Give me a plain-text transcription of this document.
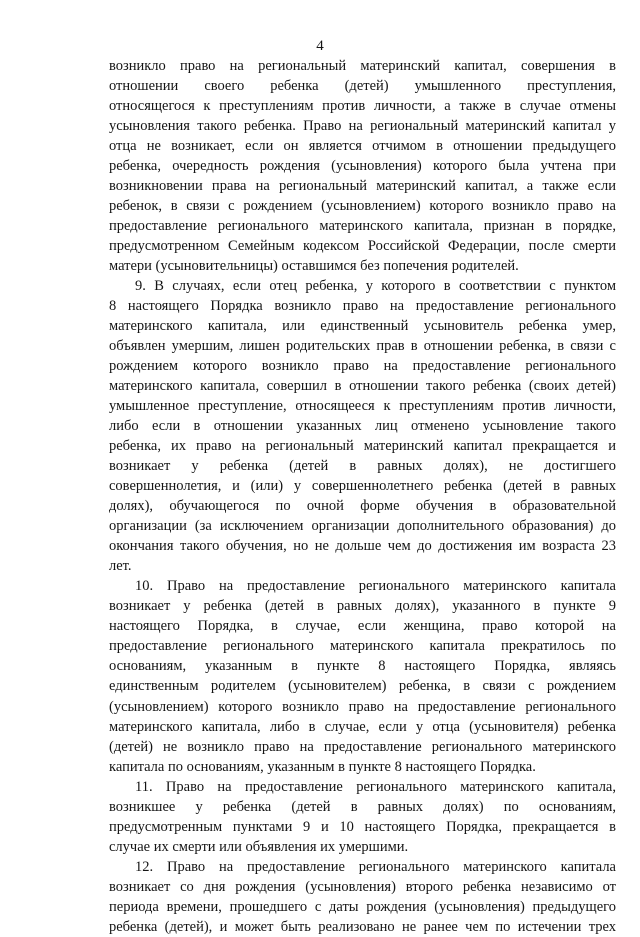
4
возникло право на региональный материнский капитал, совершения в
отношении своего ребенка (детей) умышленного преступления,
относящегося к преступлениям против личности, а также в случае отмены
усыновления такого ребенка. Право на региональный материнский капитал у
отца не возникает, если он является отчимом в отношении предыдущего
ребенка, очередность рождения (усыновления) которого была учтена при
возникновении права на региональный материнский капитал, а также если
ребенок, в связи с рождением (усыновлением) которого возникло право на
предоставление регионального материнского капитала, признан в порядке,
предусмотренном Семейным кодексом Российской Федерации, после смерти
матери (усыновительницы) оставшимся без попечения родителей.
9. В случаях, если отец ребенка, у которого в соответствии с пунктом
8 настоящего Порядка возникло право на предоставление регионального
материнского капитала, или единственный усыновитель ребенка умер,
объявлен умершим, лишен родительских прав в отношении ребенка, в связи с
рождением которого возникло право на предоставление регионального
материнского капитала, совершил в отношении такого ребенка (своих детей)
умышленное преступление, относящееся к преступлениям против личности,
либо если в отношении указанных лиц отменено усыновление такого
ребенка, их право на региональный материнский капитал прекращается и
возникает у ребенка (детей в равных долях), не достигшего
совершеннолетия, и (или) у совершеннолетнего ребенка (детей в равных
долях), обучающегося по очной форме обучения в образовательной
организации (за исключением организации дополнительного образования) до
окончания такого обучения, но не дольше чем до достижения им возраста 23
лет.
10. Право на предоставление регионального материнского капитала
возникает у ребенка (детей в равных долях), указанного в пункте 9
настоящего Порядка, в случае, если женщина, право которой на
предоставление регионального материнского капитала прекратилось по
основаниям, указанным в пункте 8 настоящего Порядка, являясь
единственным родителем (усыновителем) ребенка, в связи с рождением
(усыновлением) которого возникло право на предоставление регионального
материнского капитала, либо в случае, если у отца (усыновителя) ребенка
(детей) не возникло право на предоставление регионального материнского
капитала по основаниям, указанным в пункте 8 настоящего Порядка.
11. Право на предоставление регионального материнского капитала,
возникшее у ребенка (детей в равных долях) по основаниям,
предусмотренным пунктами 9 и 10 настоящего Порядка, прекращается в
случае их смерти или объявления их умершими.
12. Право на предоставление регионального материнского капитала
возникает со дня рождения (усыновления) второго ребенка независимо от
периода времени, прошедшего с даты рождения (усыновления) предыдущего
ребенка (детей), и может быть реализовано не ранее чем по истечении трех
